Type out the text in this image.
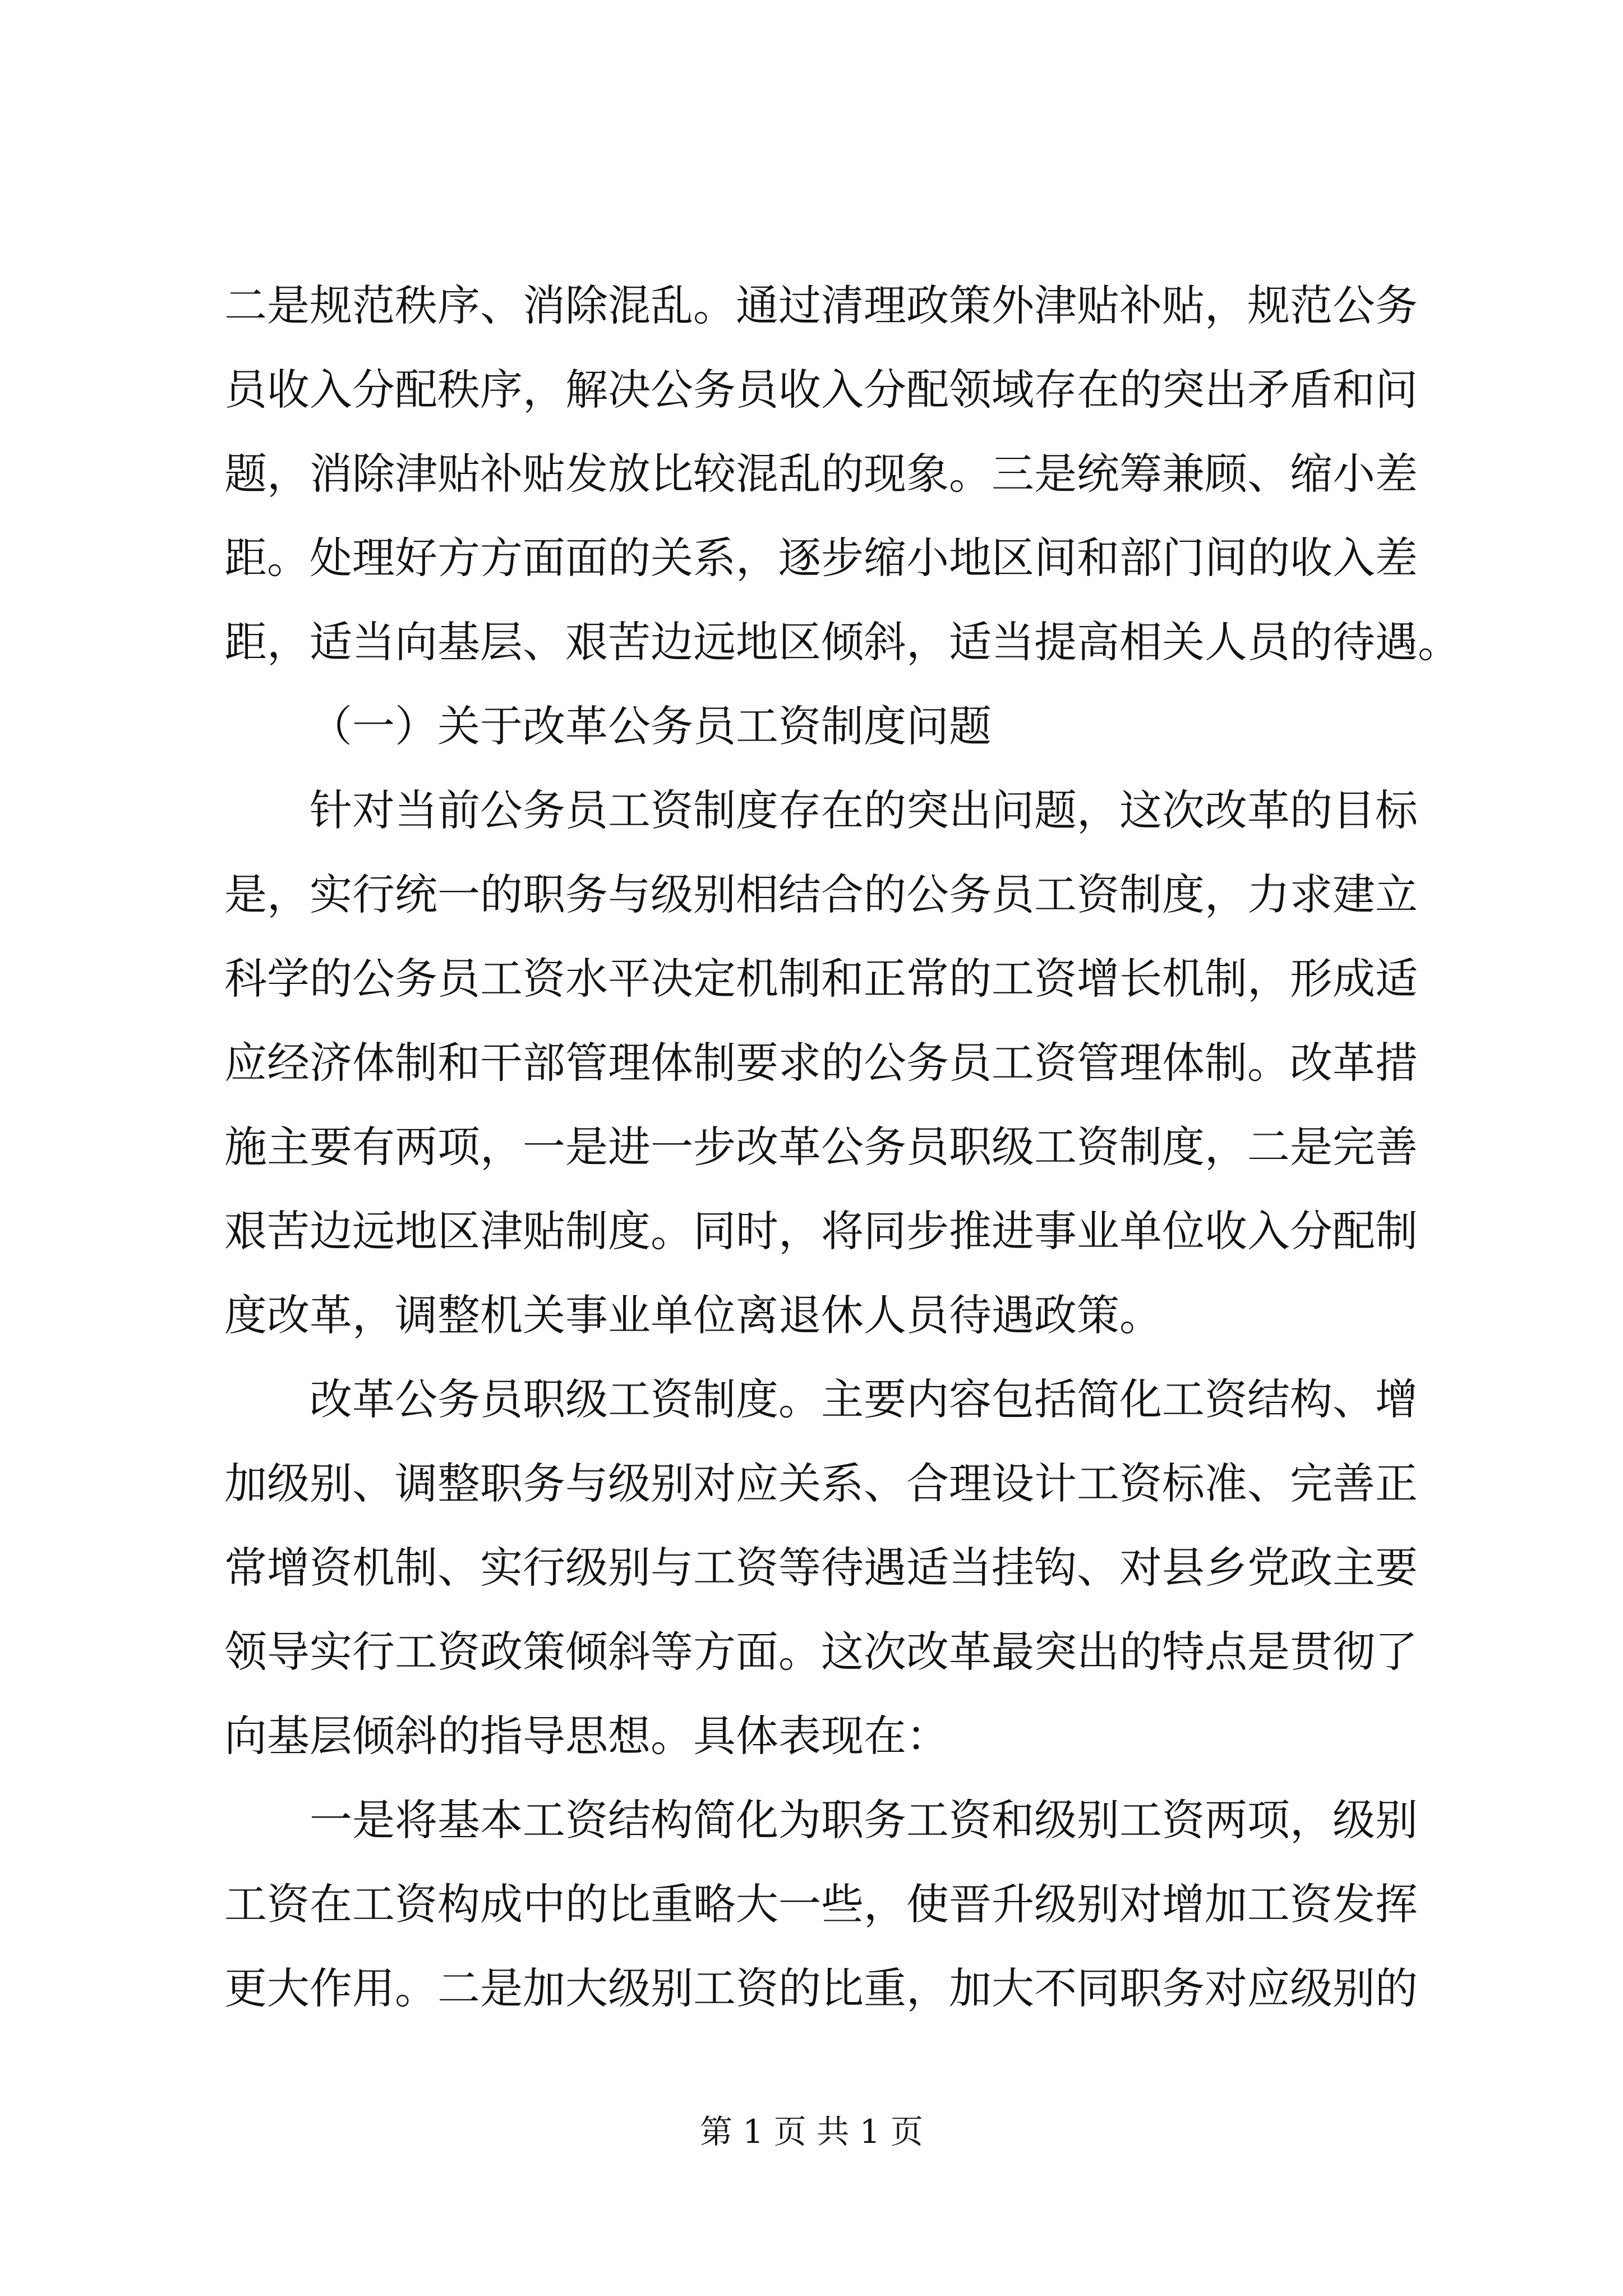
二是规范秩序、消除混乱。通过清理政策外津贴补贴，规范公务
员收入分配秩序，解决公务员收入分配领域存在的突出矛盾和问
题，消除津贴补贴发放比较混乱的现象。三是统筹兼顾、缩小差
距。处理好方方面面的关系，逐步缩小地区间和部门间的收入差
距，适当向基层、艰苦边远地区倾斜，适当提高相关人员的待遇。
（一）关于改革公务员工资制度问题
针对当前公务员工资制度存在的突出问题，这次改革的目标
是，实行统一的职务与级别相结合的公务员工资制度，力求建立
科学的公务员工资水平决定机制和正常的工资增长机制，形成适
应经济体制和干部管理体制要求的公务员工资管理体制。改革措
施主要有两项，一是进一步改革公务员职级工资制度，二是完善
艰苦边远地区津贴制度。同时，将同步推进事业单位收入分配制
度改革，调整机关事业单位离退休人员待遇政策。
改革公务员职级工资制度。主要内容包括简化工资结构、增
加级别、调整职务与级别对应关系、合理设计工资标准、完善正
常增资机制、实行级别与工资等待遇适当挂钩、对县乡党政主要
领导实行工资政策倾斜等方面。这次改革最突出的特点是贯彻了
向基层倾斜的指导思想。具体表现在：
一是将基本工资结构简化为职务工资和级别工资两项，级别
工资在工资构成中的比重略大一些，使晋升级别对增加工资发挥
更大作用。二是加大级别工资的比重，加大不同职务对应级别的
第 1 页 共 1 页
